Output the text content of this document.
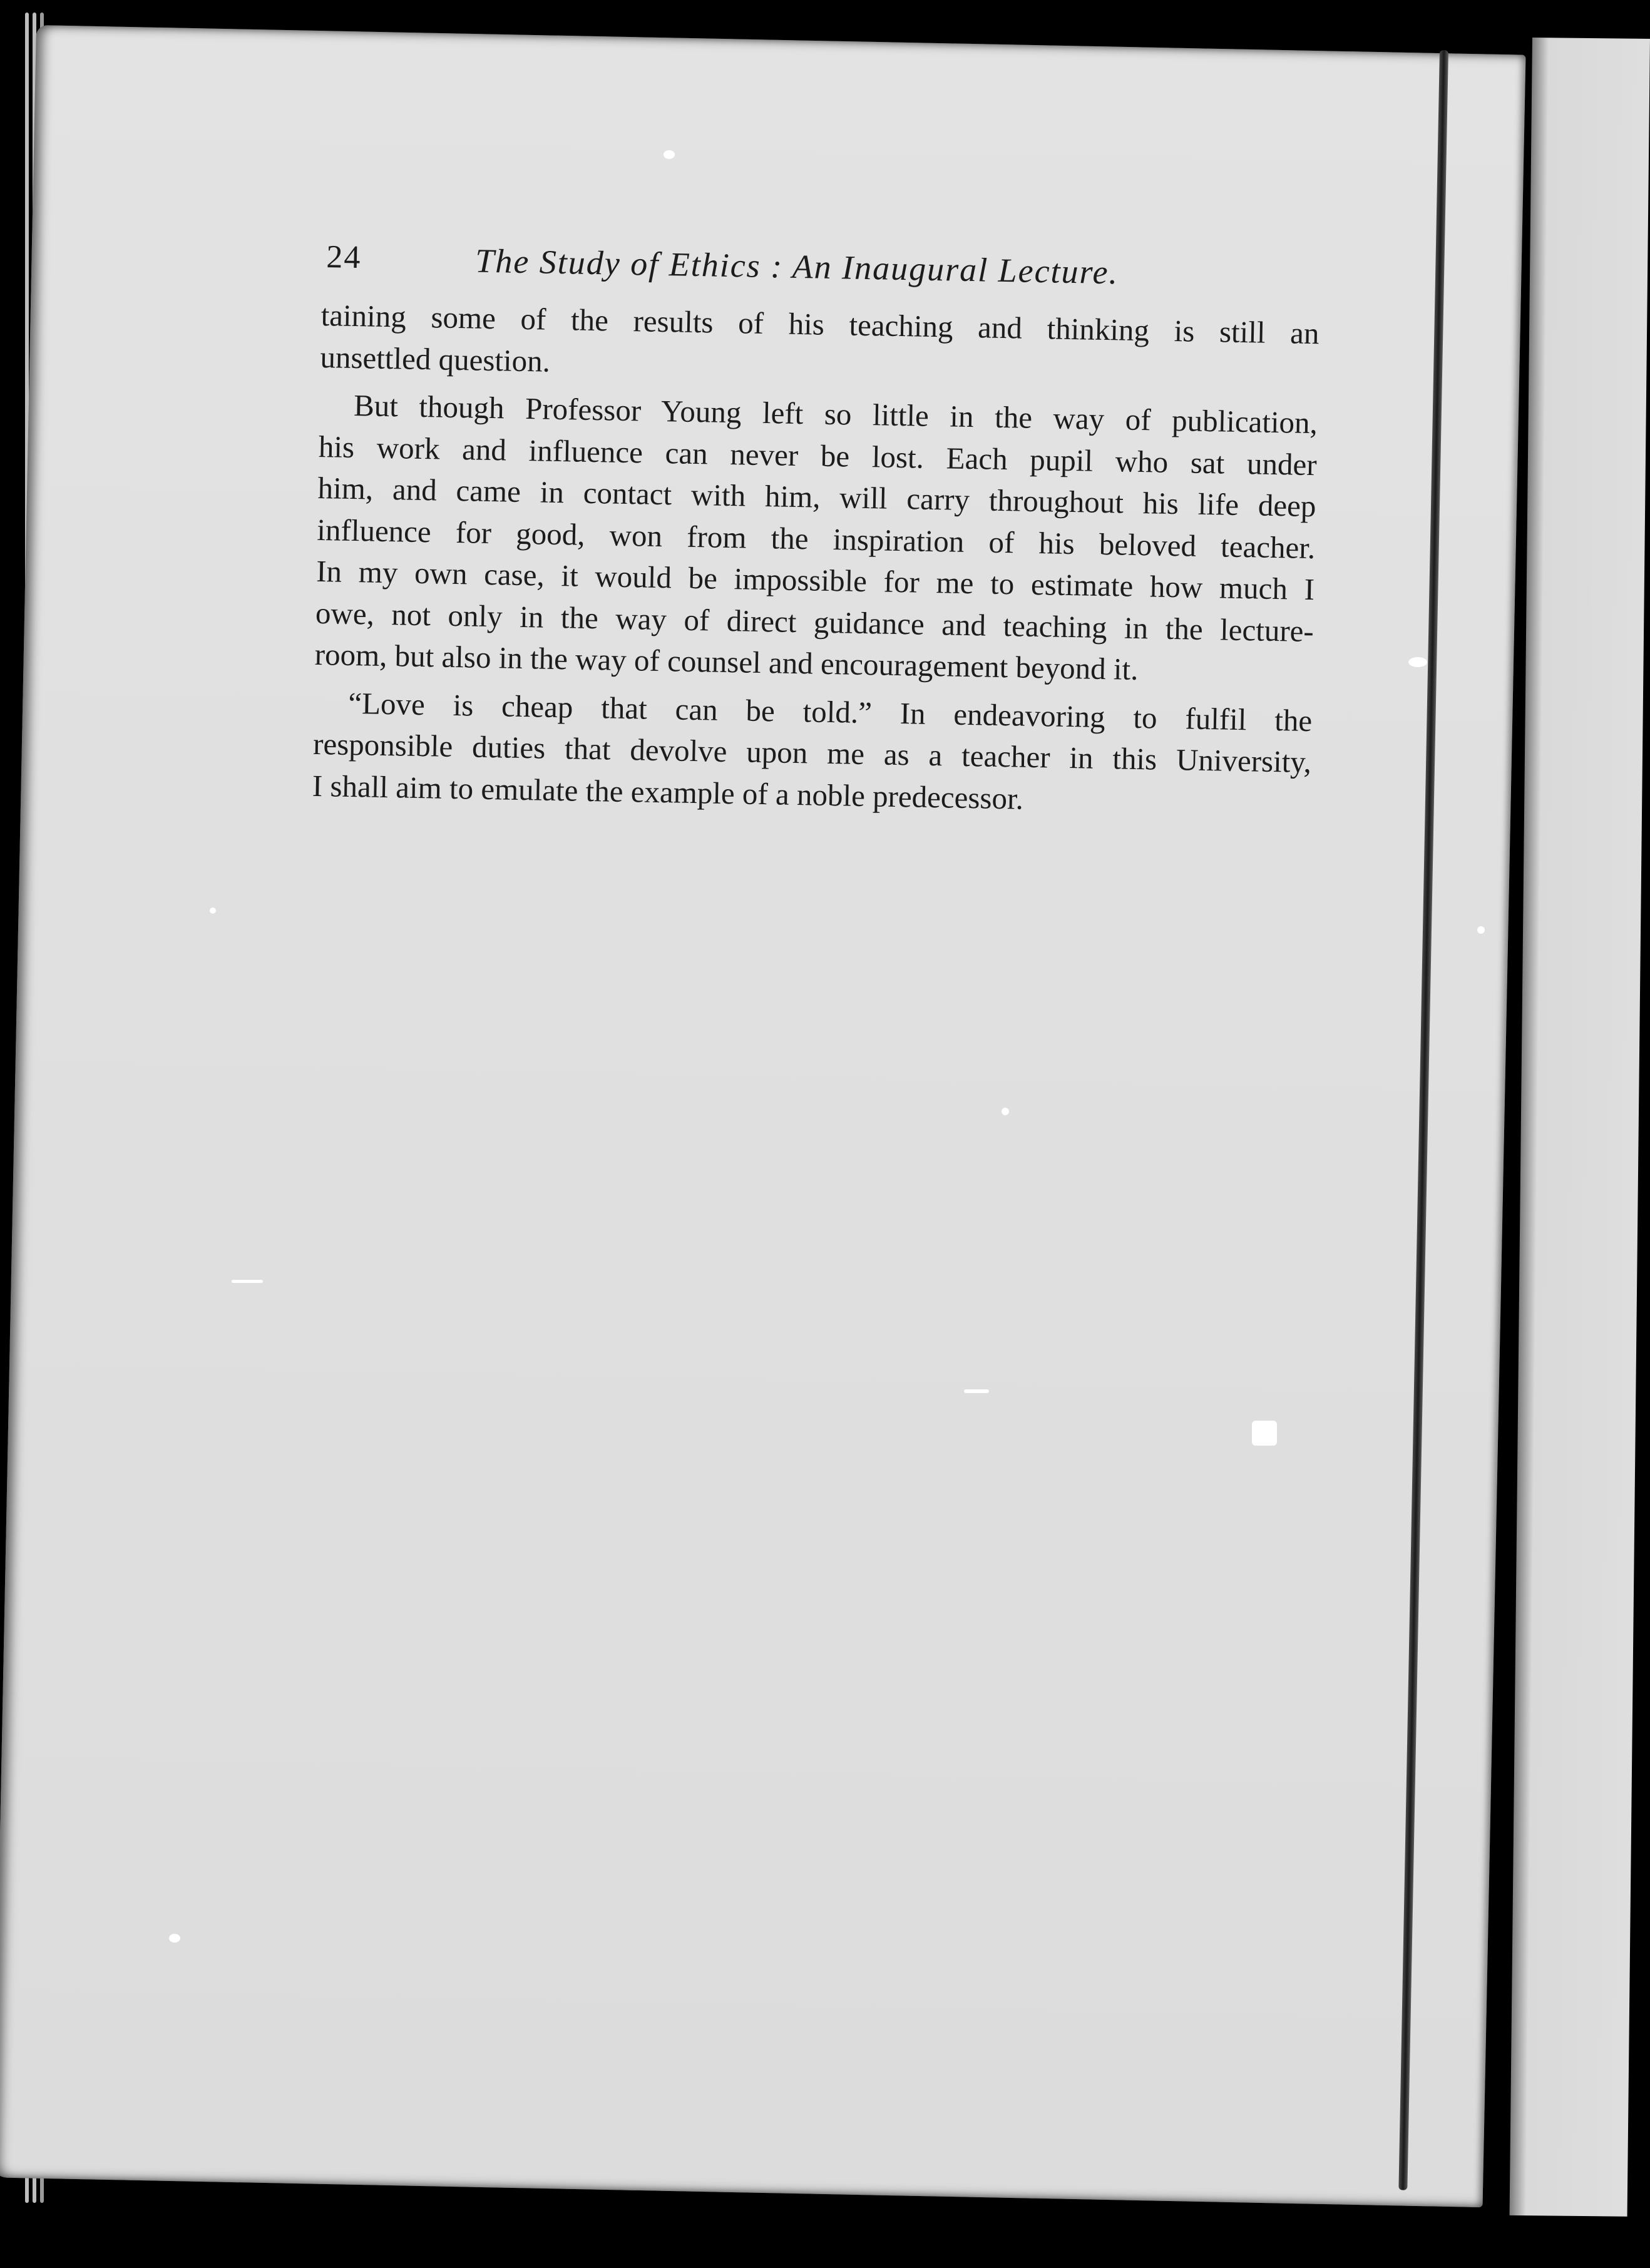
24	The Study of Ethics : An Inaugural Lecture.
taining some of the results of his teaching and thinking is still an
unsettled question.
But though Professor Young left so little in the way of publication,
his work and influence can never be lost. Each pupil who sat under
him, and came in contact with him, will carry throughout his life deep
influence for good, won from the inspiration of his beloved teacher.
In my own case, it would be impossible for me to estimate how much I
owe, not only in the way of direct guidance and teaching in the lecture-
room, but also in the way of counsel and encouragement beyond it.
“Love is cheap that can be told.” In endeavoring to fulfil the
responsible duties that devolve upon me as a teacher in this University,
I shall aim to emulate the example of a noble predecessor.
